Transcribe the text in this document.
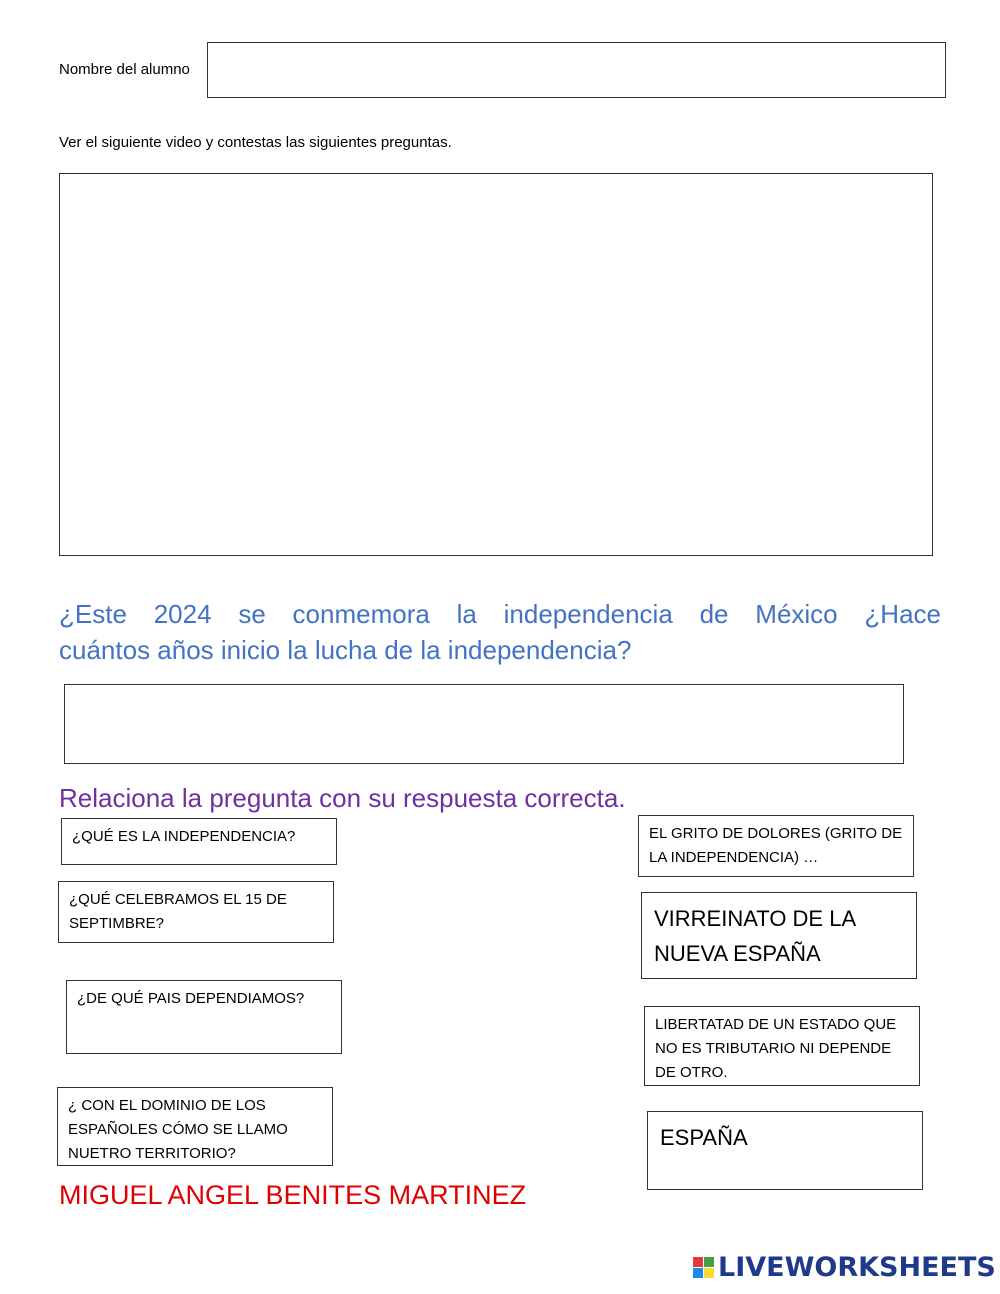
Nombre del alumno
Ver el siguiente video y contestas las siguientes preguntas.
¿Este 2024 se conmemora la independencia de México ¿Hace
cuántos años inicio la lucha de la independencia?
Relaciona la pregunta con su respuesta correcta.
¿QUÉ ES LA INDEPENDENCIA?
¿QUÉ CELEBRAMOS EL 15 DE SEPTIMBRE?
¿DE QUÉ PAIS DEPENDIAMOS?
¿ CON EL DOMINIO DE LOS ESPAÑOLES CÓMO SE LLAMO NUETRO TERRITORIO?
EL GRITO DE DOLORES (GRITO DE LA INDEPENDENCIA) …
VIRREINATO DE LA NUEVA ESPAÑA
LIBERTATAD DE UN ESTADO QUE NO ES TRIBUTARIO NI DEPENDE DE OTRO.
ESPAÑA
MIGUEL ANGEL BENITES MARTINEZ
LIVEWORKSHEETS
